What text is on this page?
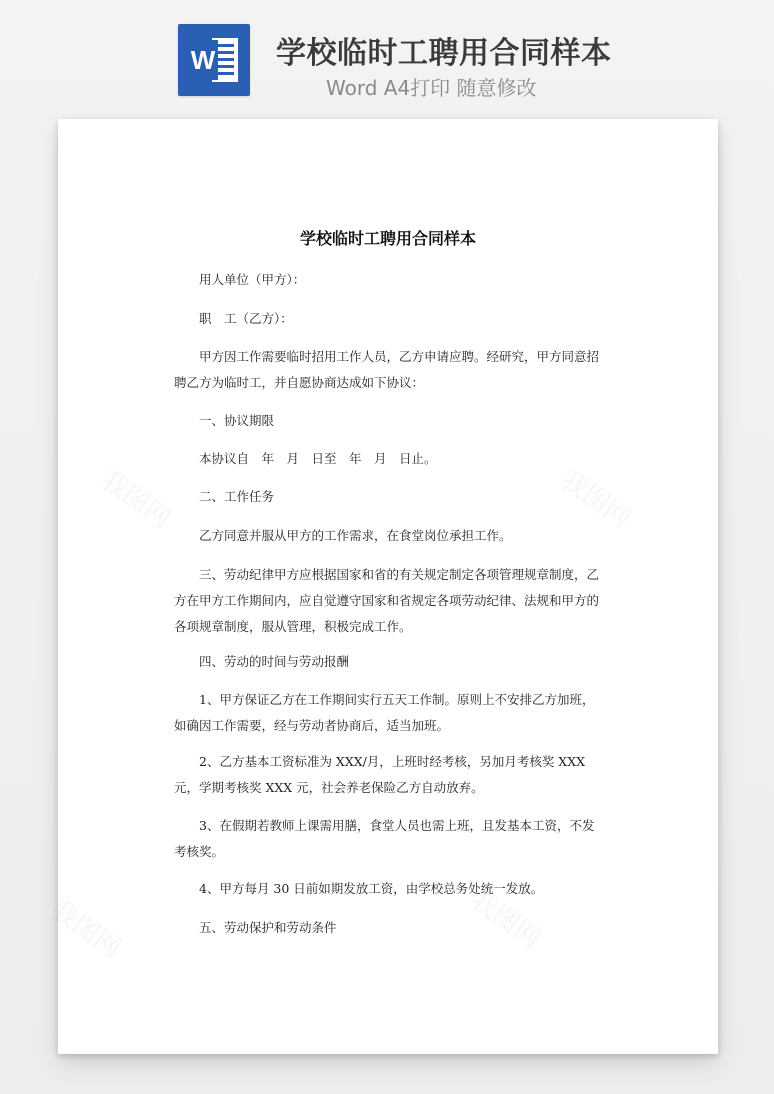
W 学校临时工聘用合同样本
Word A4打印 随意修改
我图网	我图网
我图网	我图网
学校临时工聘用合同样本
用人单位（甲方）：
职　工（乙方）：
甲方因工作需要临时招用工作人员，乙方申请应聘。经研究，甲方同意招聘乙方为临时工，并自愿协商达成如下协议：
一、协议期限
本协议自　年　月　日至　年　月　日止。
二、工作任务
乙方同意并服从甲方的工作需求，在食堂岗位承担工作。
三、劳动纪律甲方应根据国家和省的有关规定制定各项管理规章制度，乙方在甲方工作期间内，应自觉遵守国家和省规定各项劳动纪律、法规和甲方的各项规章制度，服从管理，积极完成工作。
四、劳动的时间与劳动报酬
1、甲方保证乙方在工作期间实行五天工作制。原则上不安排乙方加班，如确因工作需要，经与劳动者协商后，适当加班。
2、乙方基本工资标准为 XXX/月，上班时经考核，另加月考核奖 XXX 元，学期考核奖 XXX 元，社会养老保险乙方自动放弃。
3、在假期若教师上课需用膳，食堂人员也需上班，且发基本工资，不发考核奖。
4、甲方每月 30 日前如期发放工资，由学校总务处统一发放。
五、劳动保护和劳动条件
